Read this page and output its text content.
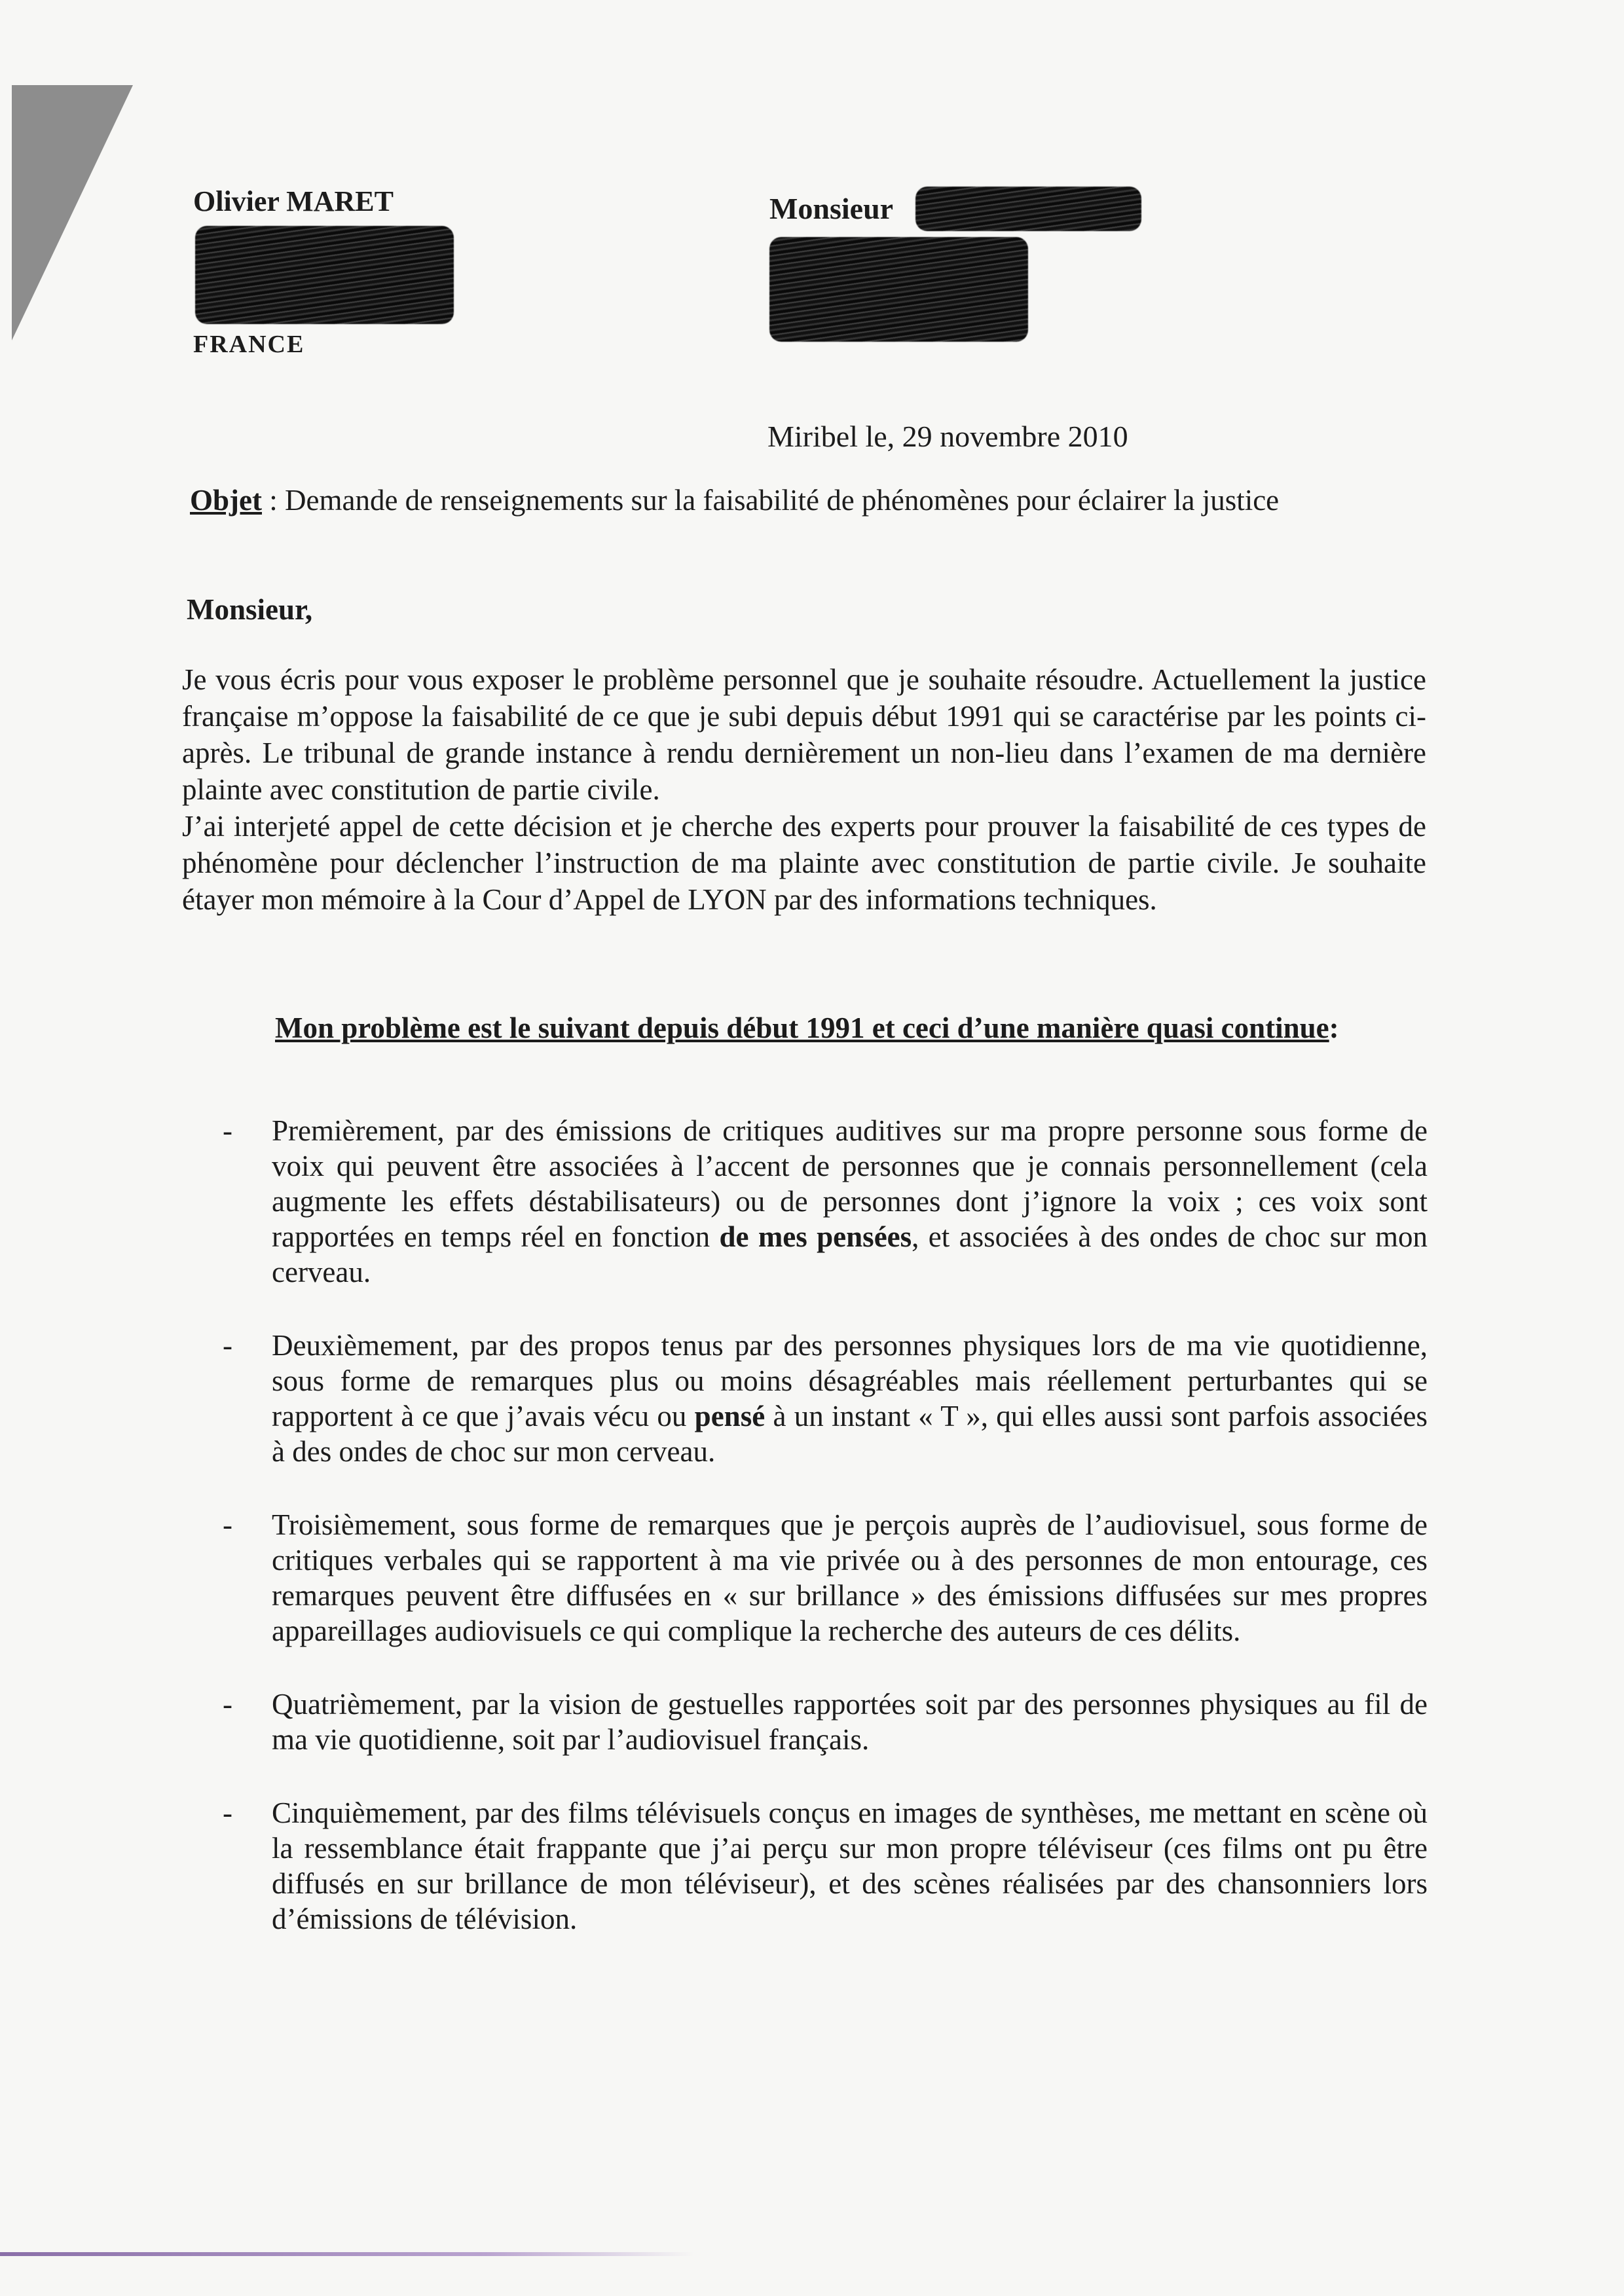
Olivier MARET
FRANCE
Monsieur
Miribel le, 29 novembre 2010
Objet : Demande de renseignements sur la faisabilité de phénomènes pour éclairer la justice
Monsieur,

Je vous écris pour vous exposer le problème personnel que je souhaite résoudre. Actuellement la justice française m’oppose la faisabilité de ce que je subi depuis début 1991 qui se caractérise par les points ci-après. Le tribunal de grande instance à rendu dernièrement un non-lieu dans l’examen de ma dernière plainte avec constitution de partie civile.

J’ai interjeté appel de cette décision et je cherche des experts pour prouver la faisabilité de ces types de phénomène pour déclencher l’instruction de ma plainte avec constitution de partie civile. Je souhaite étayer mon mémoire à la Cour d’Appel de LYON par des informations techniques.

Mon problème est le suivant depuis début 1991 et ceci d’une manière quasi continue:
- Premièrement, par des émissions de critiques auditives sur ma propre personne sous forme de voix qui peuvent être associées à l’accent de personnes que je connais personnellement (cela augmente les effets déstabilisateurs) ou de personnes dont j’ignore la voix ; ces voix sont rapportées en temps réel en fonction de mes pensées, et associées à des ondes de choc sur mon cerveau.
- Deuxièmement, par des propos tenus par des personnes physiques lors de ma vie quotidienne, sous forme de remarques plus ou moins désagréables mais réellement perturbantes qui se rapportent à ce que j’avais vécu ou pensé à un instant « T », qui elles aussi sont parfois associées à des ondes de choc sur mon cerveau.
- Troisièmement, sous forme de remarques que je perçois auprès de l’audiovisuel, sous forme de critiques verbales qui se rapportent à ma vie privée ou à des personnes de mon entourage, ces remarques peuvent être diffusées en « sur brillance » des émissions diffusées sur mes propres appareillages audiovisuels ce qui complique la recherche des auteurs de ces délits.
- Quatrièmement, par la vision de gestuelles rapportées soit par des personnes physiques au fil de ma vie quotidienne, soit par l’audiovisuel français.
- Cinquièmement, par des films télévisuels conçus en images de synthèses, me mettant en scène où la ressemblance était frappante que j’ai perçu sur mon propre téléviseur (ces films ont pu être diffusés en sur brillance de mon téléviseur), et des scènes réalisées par des chansonniers lors d’émissions de télévision.
